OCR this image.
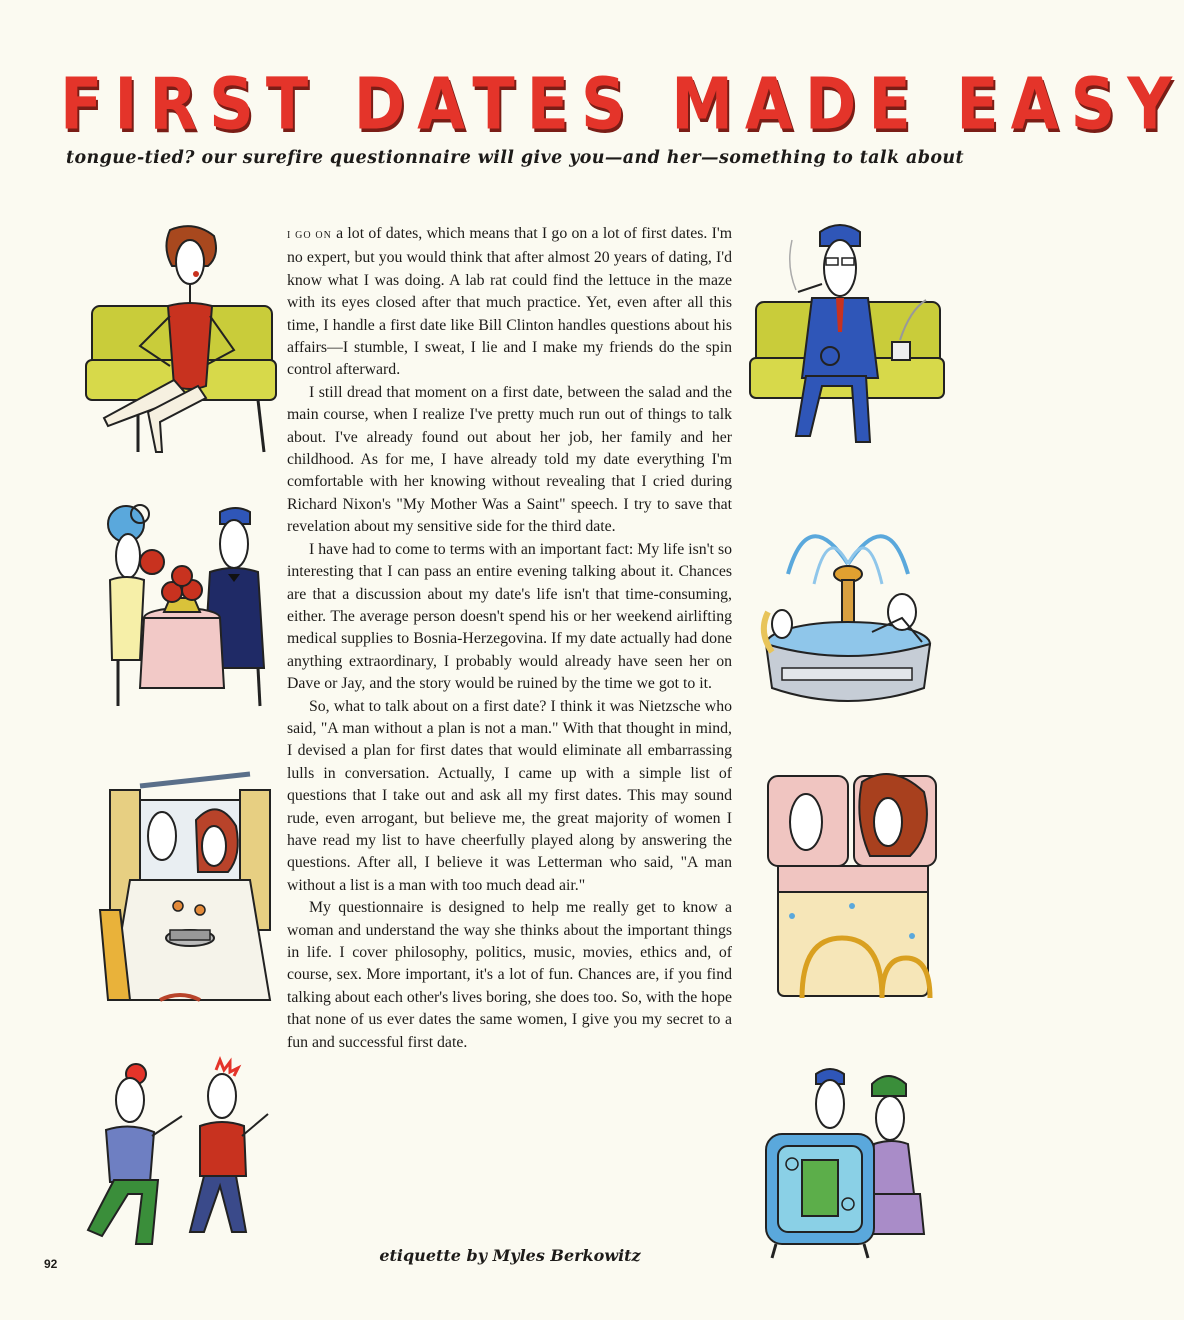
FIRST DATES MADE EASY
tongue-tied? our surefire questionnaire will give you—and her—something to talk about

I GO ON a lot of dates, which means that I go on a lot of first dates. I'm no expert, but you would think that after almost 20 years of dating, I'd know what I was doing. A lab rat could find the lettuce in the maze with its eyes closed after that much practice. Yet, even after all this time, I handle a first date like Bill Clinton handles questions about his affairs—I stumble, I sweat, I lie and I make my friends do the spin control afterward.

I still dread that moment on a first date, between the salad and the main course, when I realize I've pretty much run out of things to talk about. I've already found out about her job, her family and her childhood. As for me, I have already told my date everything I'm comfortable with her knowing without revealing that I cried during Richard Nixon's "My Mother Was a Saint" speech. I try to save that revelation about my sensitive side for the third date.

I have had to come to terms with an important fact: My life isn't so interesting that I can pass an entire evening talking about it. Chances are that a discussion about my date's life isn't that time-consuming, either. The average person doesn't spend his or her weekend airlifting medical supplies to Bosnia-Herzegovina. If my date actually had done anything extraordinary, I probably would already have seen her on Dave or Jay, and the story would be ruined by the time we got to it.

So, what to talk about on a first date? I think it was Nietzsche who said, "A man without a plan is not a man." With that thought in mind, I devised a plan for first dates that would eliminate all embarrassing lulls in conversation. Actually, I came up with a simple list of questions that I take out and ask all my first dates. This may sound rude, even arrogant, but believe me, the great majority of women I have read my list to have cheerfully played along by answering the questions. After all, I believe it was Letterman who said, "A man without a list is a man with too much dead air."

My questionnaire is designed to help me really get to know a woman and understand the way she thinks about the important things in life. I cover philosophy, politics, music, movies, ethics and, of course, sex. More important, it's a lot of fun. Chances are, if you find talking about each other's lives boring, she does too. So, with the hope that none of us ever dates the same women, I give you my secret to a fun and successful first date.

etiquette by Myles Berkowitz
92
